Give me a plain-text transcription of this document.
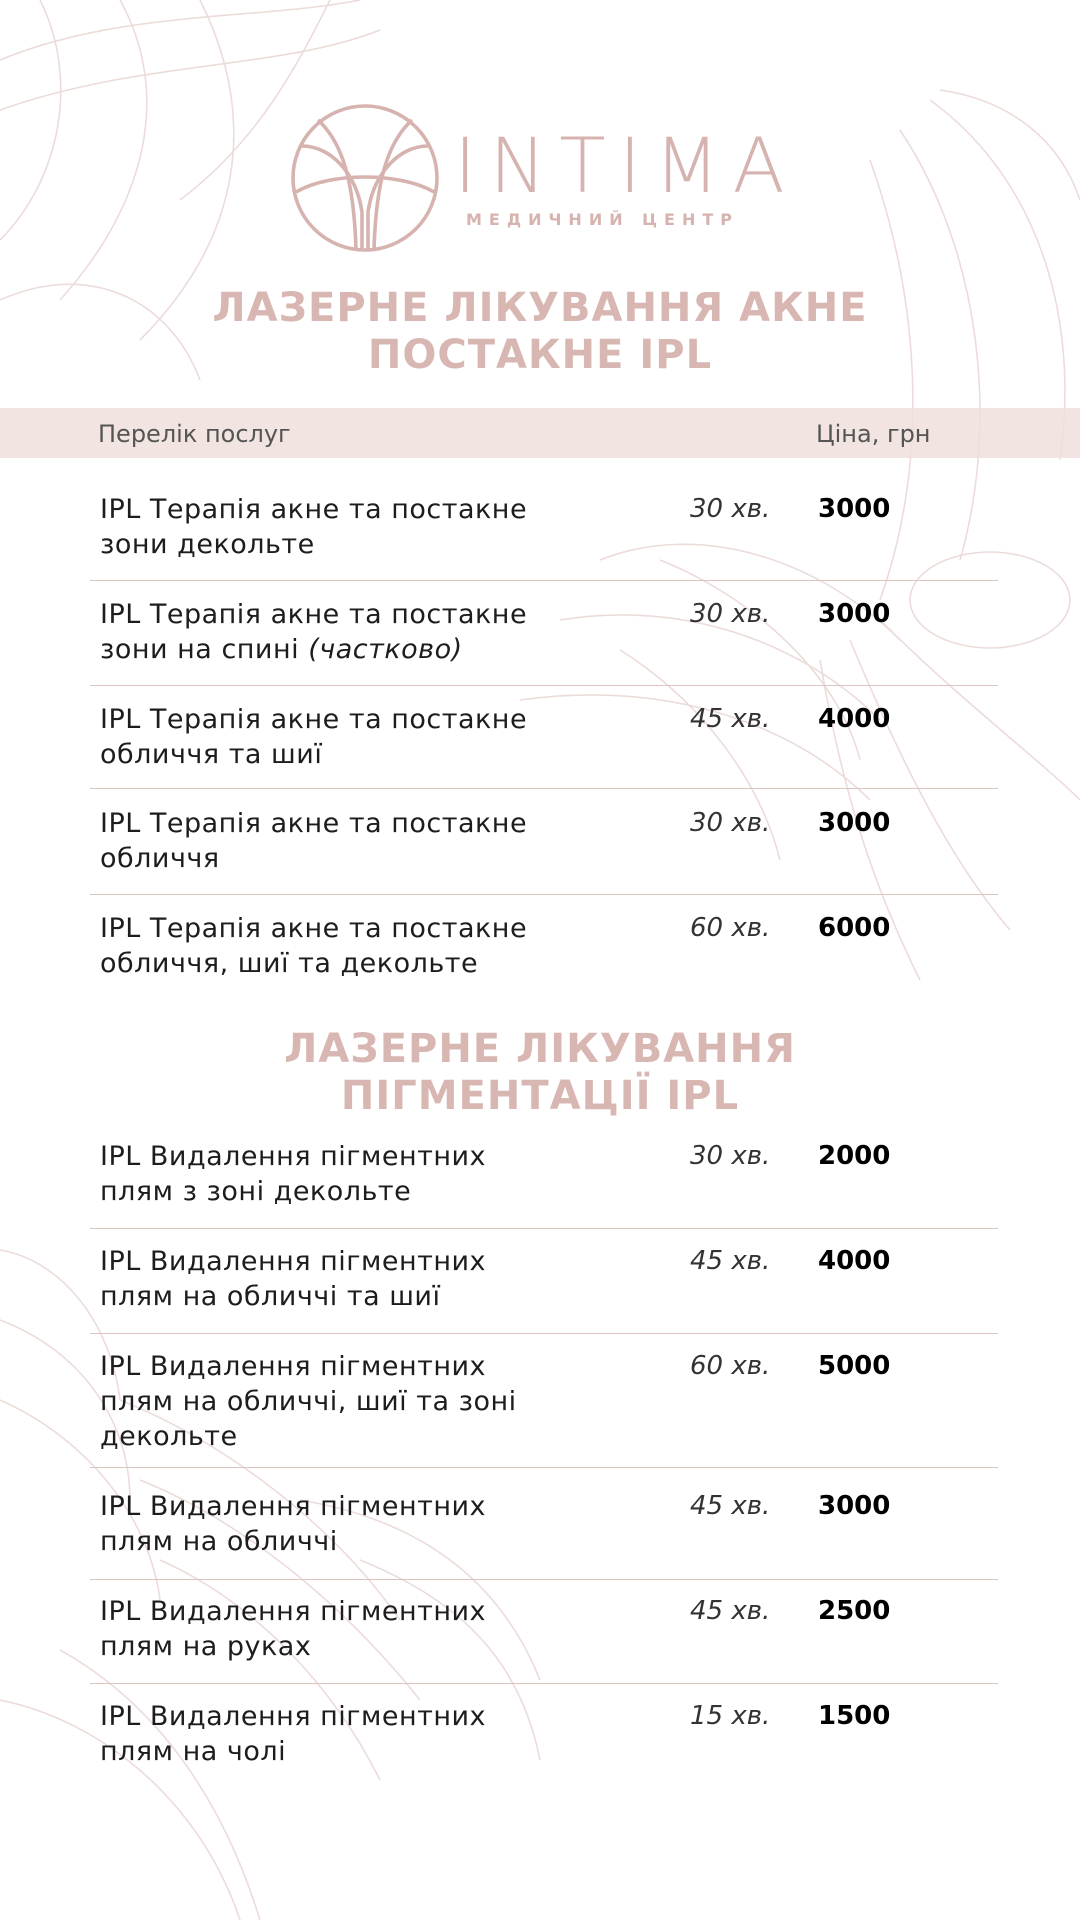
INTIMA
МЕДИЧНИЙ ЦЕНТР
ЛАЗЕРНЕ ЛІКУВАННЯ АКНЕ
ПОСТАКНЕ IPL
Перелік послуг	Ціна, грн
IPL Терапія акне та постакне
зони декольте
30 хв. 3000
IPL Терапія акне та постакне
зони на спині (частково)
30 хв. 3000
IPL Терапія акне та постакне
обличчя та шиї
45 хв. 4000
IPL Терапія акне та постакне
обличчя
30 хв. 3000
IPL Терапія акне та постакне
обличчя, шиї та декольте
60 хв. 6000
ЛАЗЕРНЕ ЛІКУВАННЯ
ПІГМЕНТАЦІЇ IPL
IPL Видалення пігментних
плям з зоні декольте
30 хв. 2000
IPL Видалення пігментних
плям на обличчі та шиї
45 хв. 4000
IPL Видалення пігментних
плям на обличчі, шиї та зоні
декольте
60 хв. 5000
IPL Видалення пігментних
плям на обличчі
45 хв. 3000
IPL Видалення пігментних
плям на руках
45 хв. 2500
IPL Видалення пігментних
плям на чолі
15 хв. 1500
